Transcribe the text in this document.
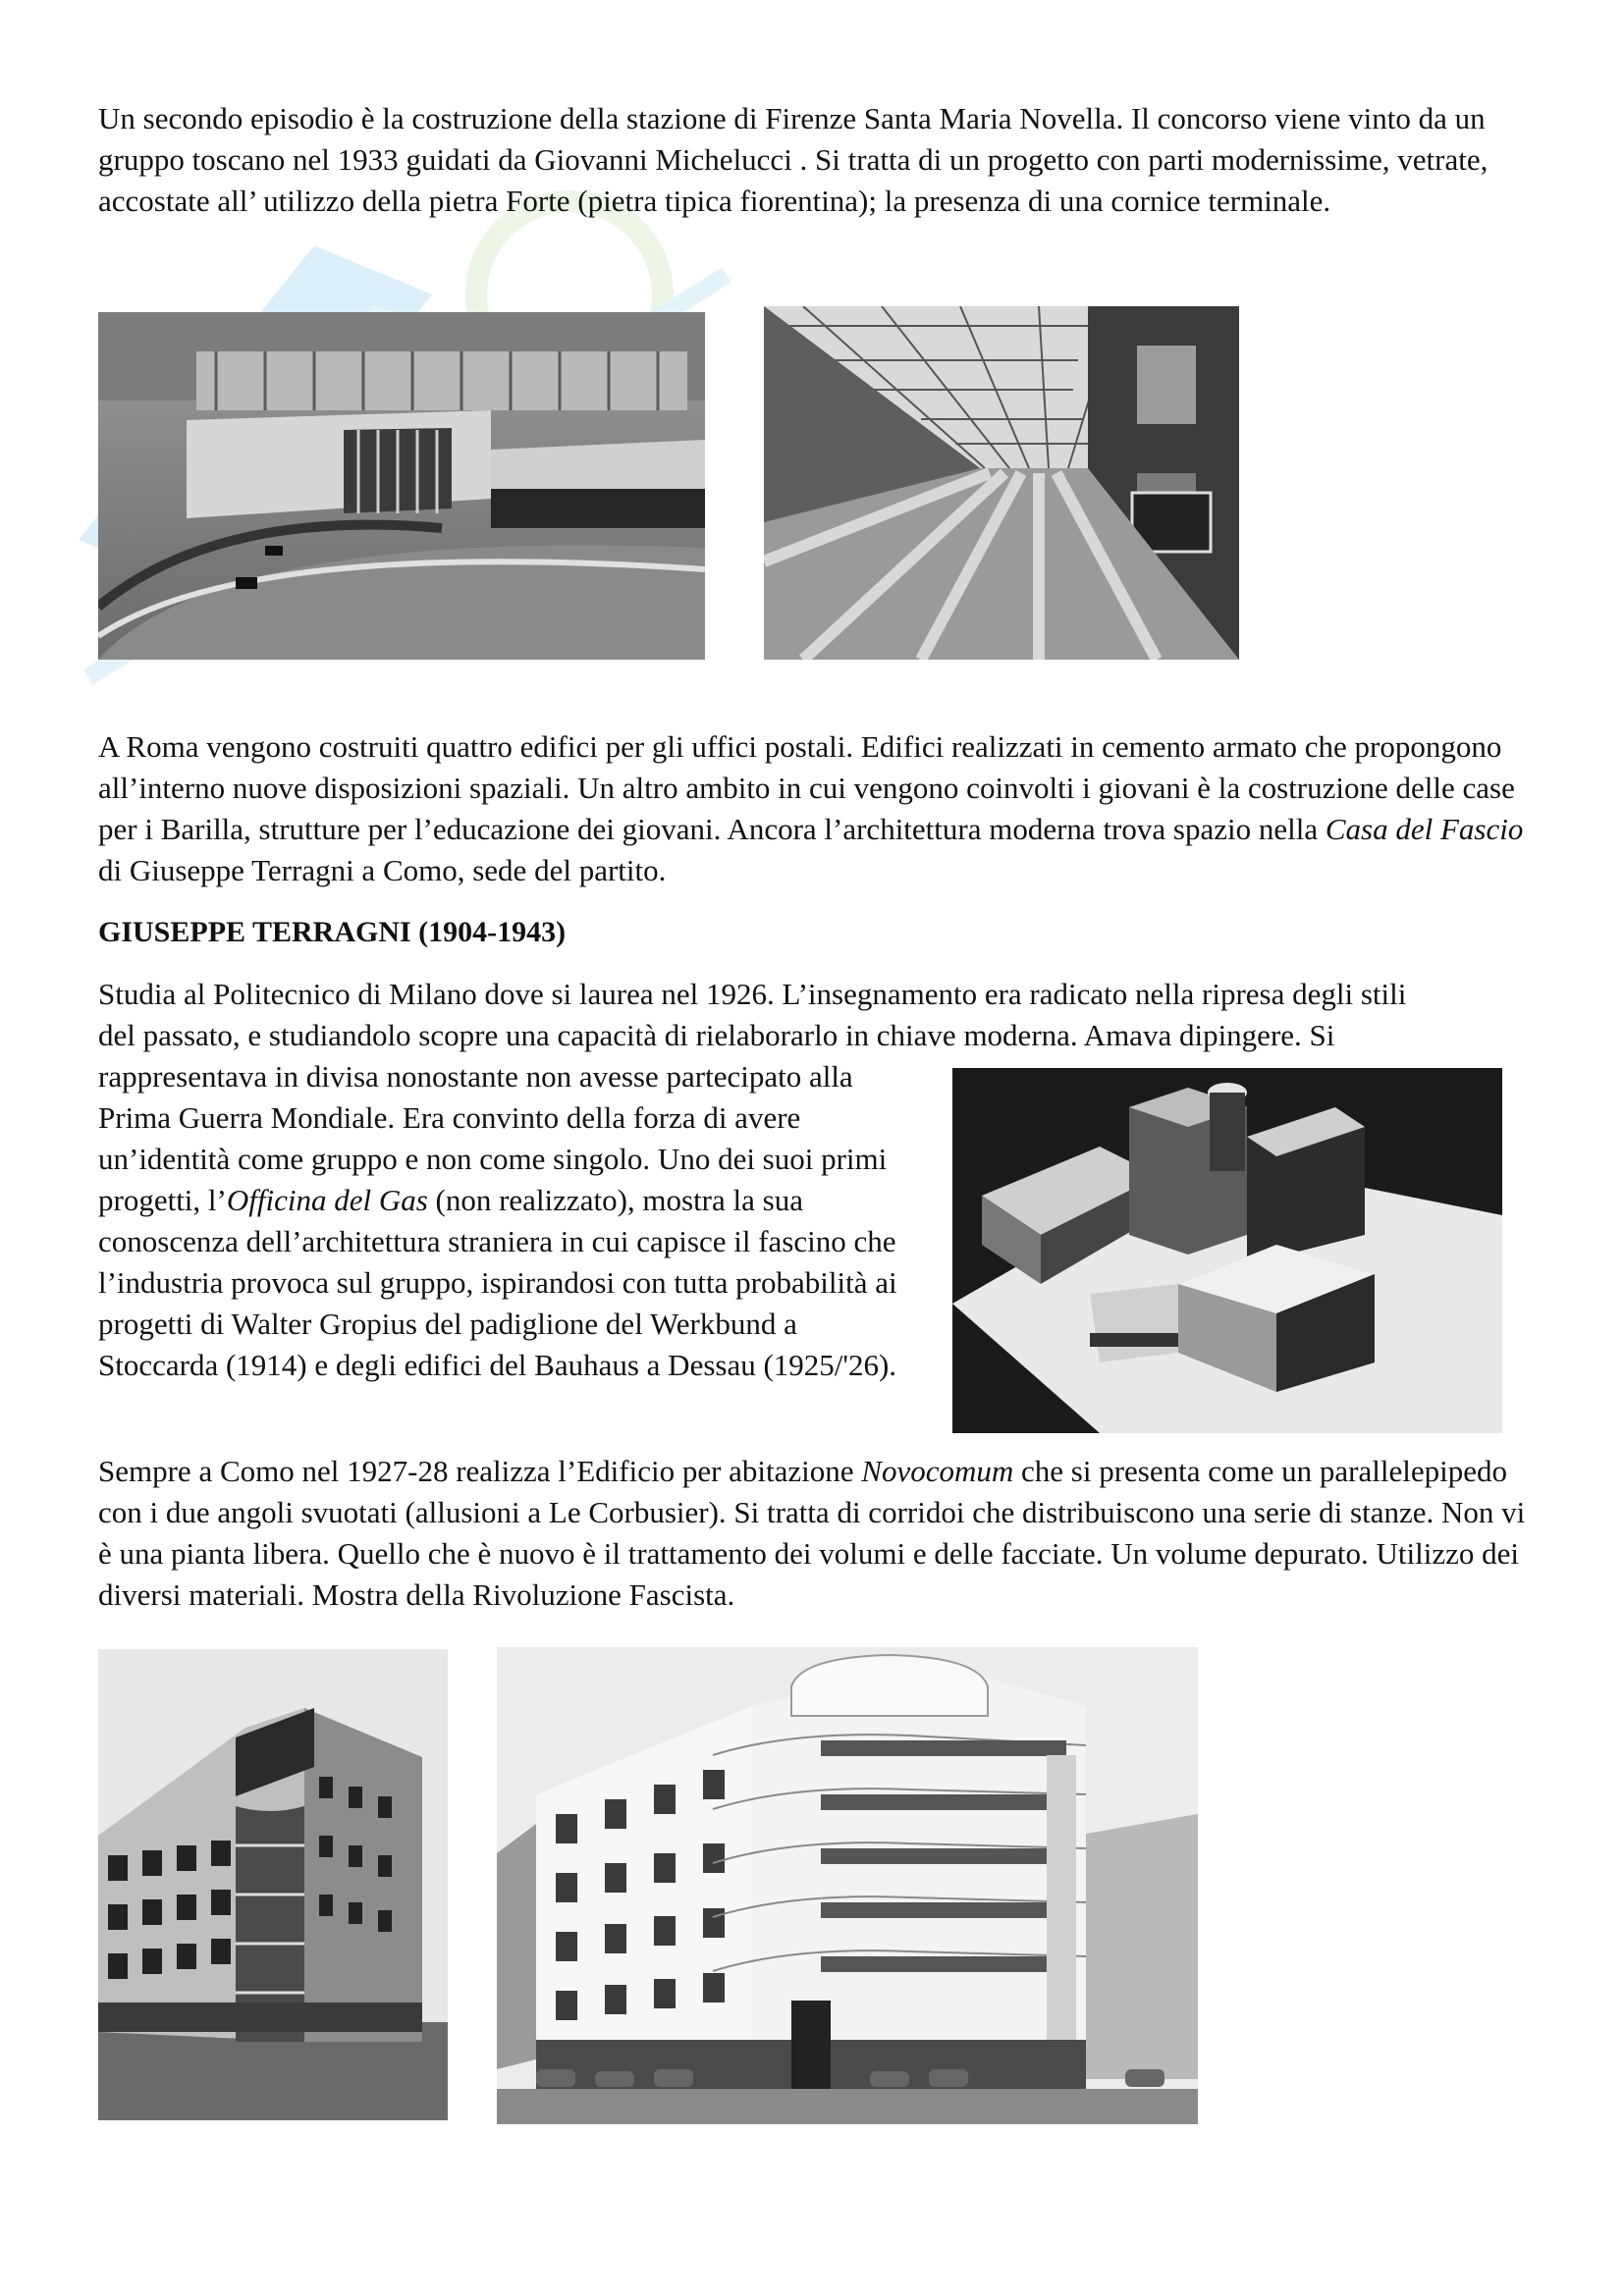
Un secondo episodio è la costruzione della stazione di Firenze Santa Maria Novella. Il concorso viene vinto da un gruppo toscano nel 1933 guidati da Giovanni Michelucci . Si tratta di un progetto con parti modernissime, vetrate, accostate all’ utilizzo della pietra Forte (pietra tipica fiorentina); la presenza di una cornice terminale.

A Roma vengono costruiti quattro edifici per gli uffici postali. Edifici realizzati in cemento armato che propongono all’interno nuove disposizioni spaziali. Un altro ambito in cui vengono coinvolti i giovani è la costruzione delle case per i Barilla, strutture per l’educazione dei giovani. Ancora l’architettura moderna trova spazio nella Casa del Fascio di Giuseppe Terragni a Como, sede del partito.

GIUSEPPE TERRAGNI (1904-1943)

Studia al Politecnico di Milano dove si laurea nel 1926. L’insegnamento era radicato nella ripresa degli stili

del passato, e studiandolo scopre una capacità di rielaborarlo in chiave moderna. Amava dipingere. Si

rappresentava in divisa nonostante non avesse partecipato alla Prima Guerra Mondiale. Era convinto della forza di avere un’identità come gruppo e non come singolo. Uno dei suoi primi progetti, l’Officina del Gas (non realizzato), mostra la sua conoscenza dell’architettura straniera in cui capisce il fascino che l’industria provoca sul gruppo, ispirandosi con tutta probabilità ai progetti di Walter Gropius del padiglione del Werkbund a Stoccarda (1914) e degli edifici del Bauhaus a Dessau (1925/'26).

Sempre a Como nel 1927-28 realizza l’Edificio per abitazione Novocomum che si presenta come un parallelepipedo con i due angoli svuotati (allusioni a Le Corbusier). Si tratta di corridoi che distribuiscono una serie di stanze. Non vi è una pianta libera. Quello che è nuovo è il trattamento dei volumi e delle facciate. Un volume depurato. Utilizzo dei diversi materiali. Mostra della Rivoluzione Fascista.
